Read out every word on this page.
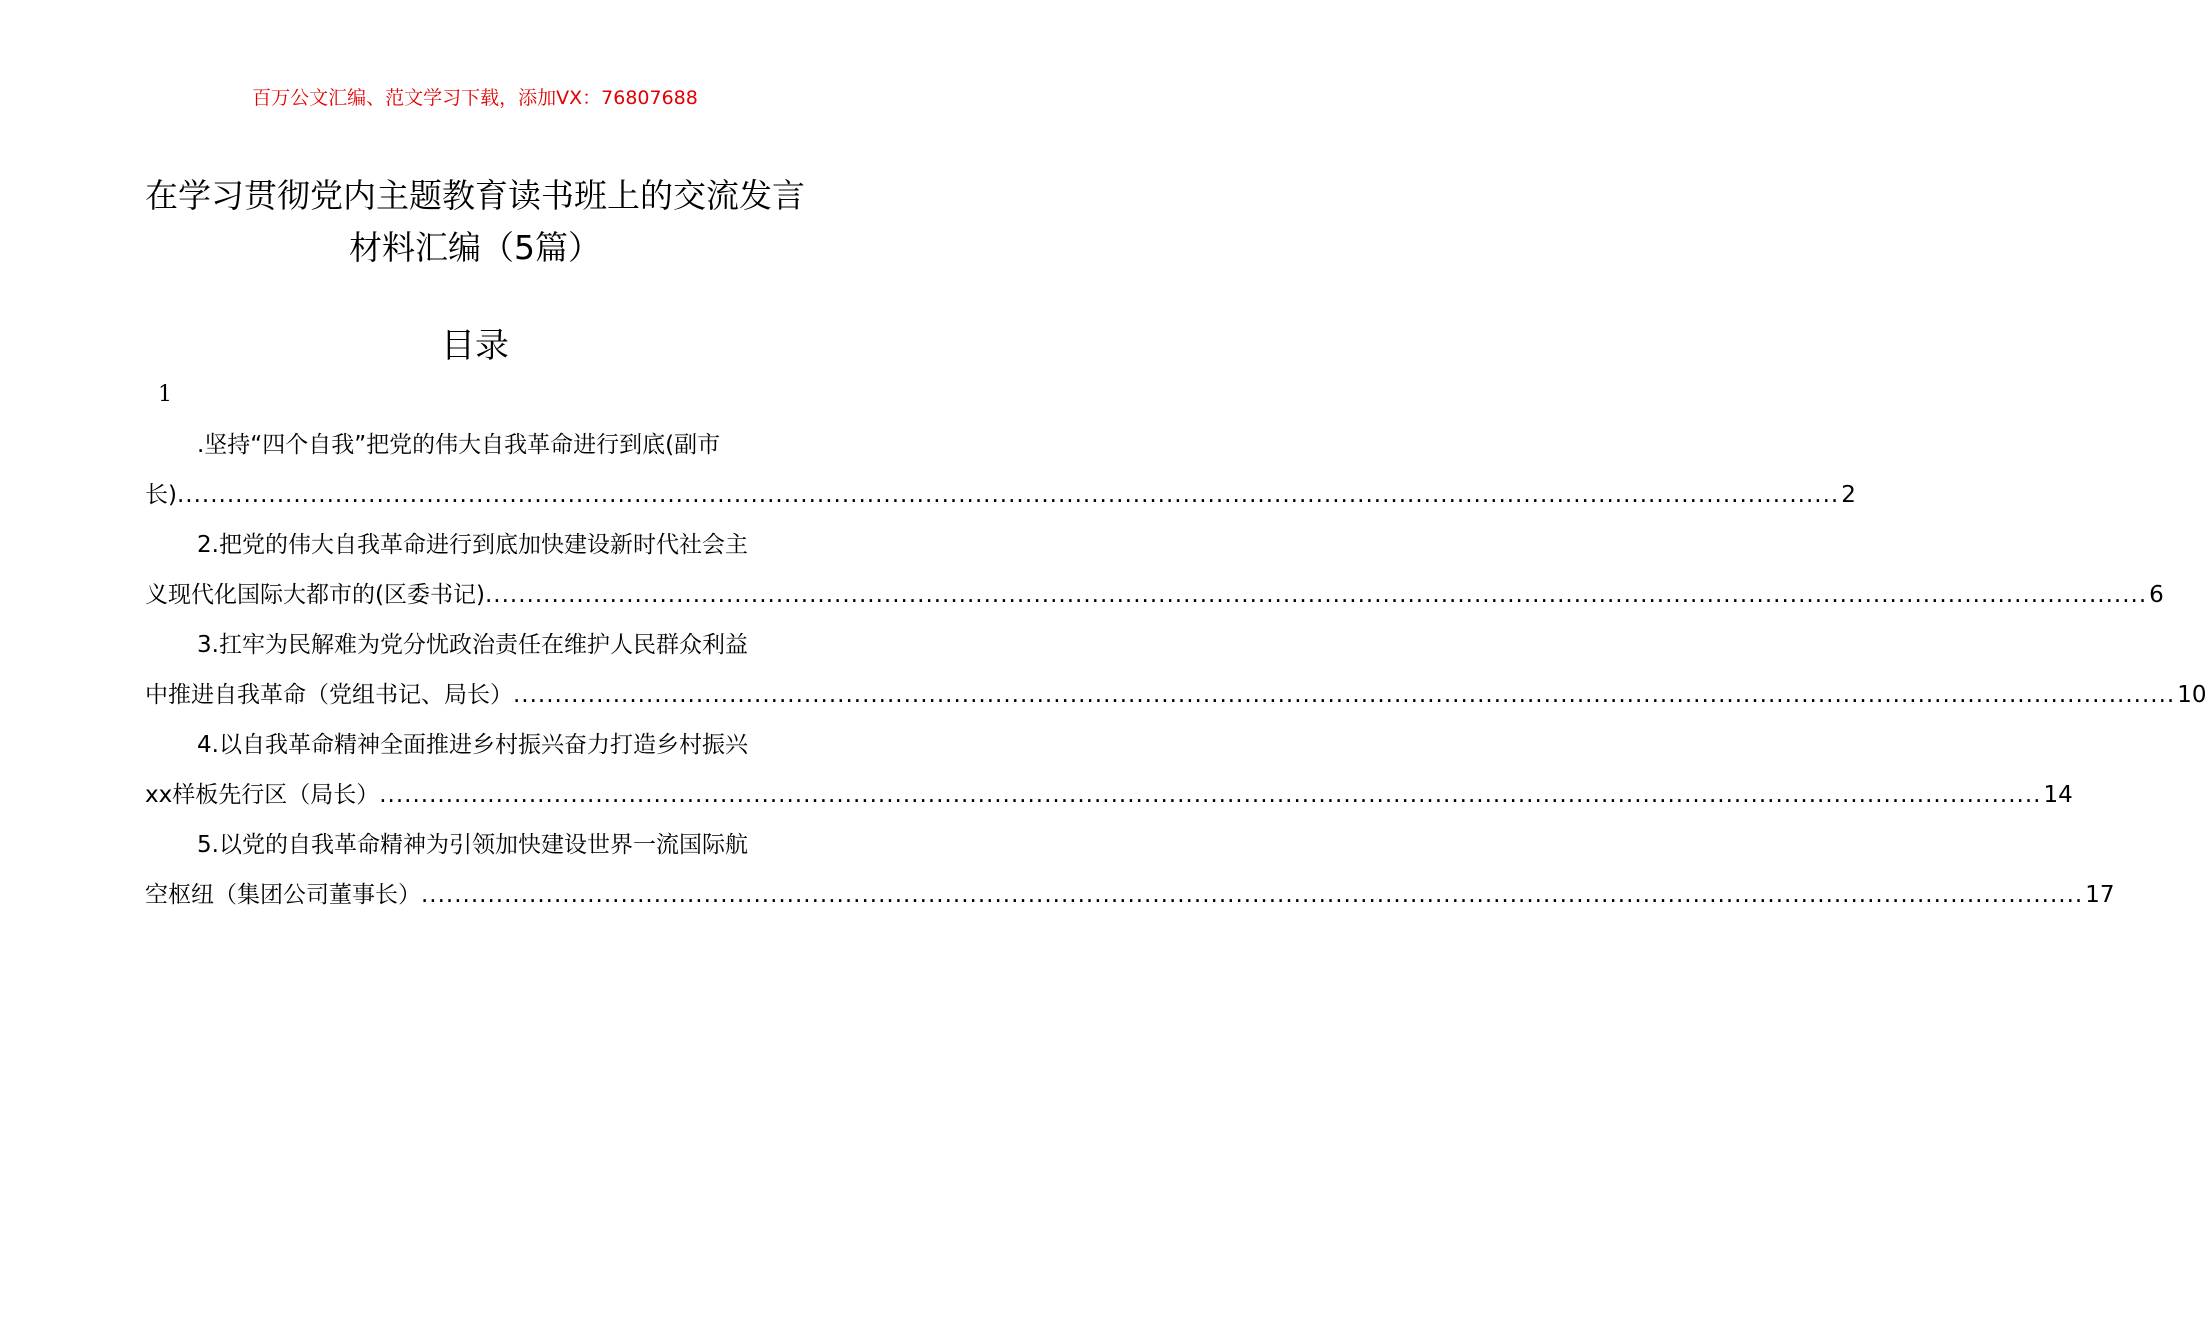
百万公文汇编、范文学习下载，添加VX：76807688
在学习贯彻党内主题教育读书班上的交流发言材料汇编（5篇）
目录
1
.坚持“四个自我”把党的伟大自我革命进行到底(副市
长) ........................................................................................................................................................................................................ 2
2.把党的伟大自我革命进行到底加快建设新时代社会主
义现代化国际大都市的(区委书记) ........................................................................................................................................................................................................ 6
3.扛牢为民解难为党分忧政治责任在维护人民群众利益
中推进自我革命（党组书记、局长） ........................................................................................................................................................................................................ 10
4.以自我革命精神全面推进乡村振兴奋力打造乡村振兴
xx样板先行区（局长） ........................................................................................................................................................................................................ 14
5.以党的自我革命精神为引领加快建设世界一流国际航
空枢纽（集团公司董事长） ........................................................................................................................................................................................................ 17
